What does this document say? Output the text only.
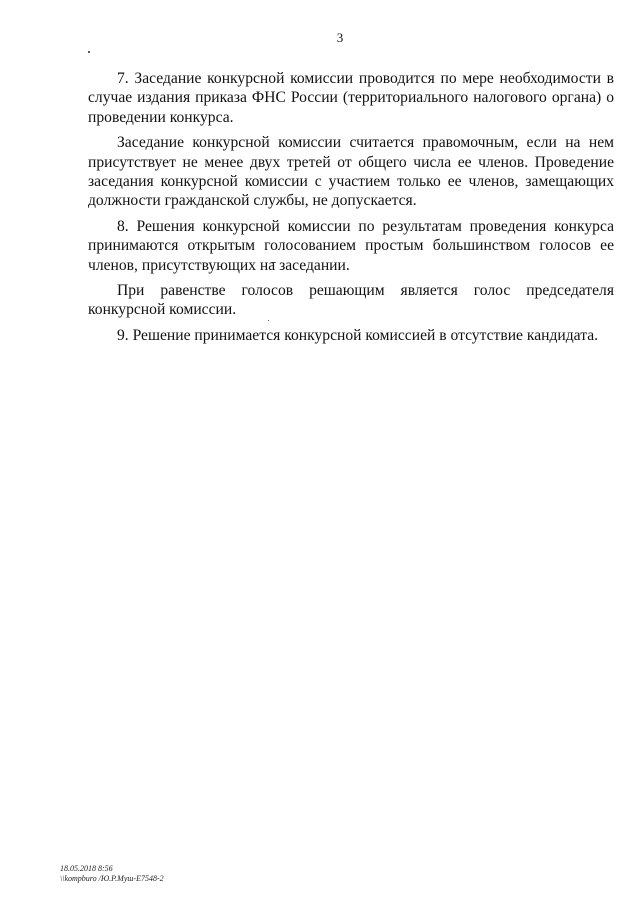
3

7. Заседание конкурсной комиссии проводится по мере необходимости в случае издания приказа ФНС России (территориального налогового органа) о проведении конкурса.

Заседание конкурсной комиссии считается правомочным, если на нем присутствует не менее двух третей от общего числа ее членов. Проведение заседания конкурсной комиссии с участием только ее членов, замещающих должности гражданской службы, не допускается.

8. Решения конкурсной комиссии по результатам проведения конкурса принимаются открытым голосованием простым большинством голосов ее членов, присутствующих на заседании.

При равенстве голосов решающим является голос председателя конкурсной комиссии.

9. Решение принимается конкурсной комиссией в отсутствие кандидата.

18.05.2018 8:56
\\kompburo /Ю.Р.Муш-E7548-2
